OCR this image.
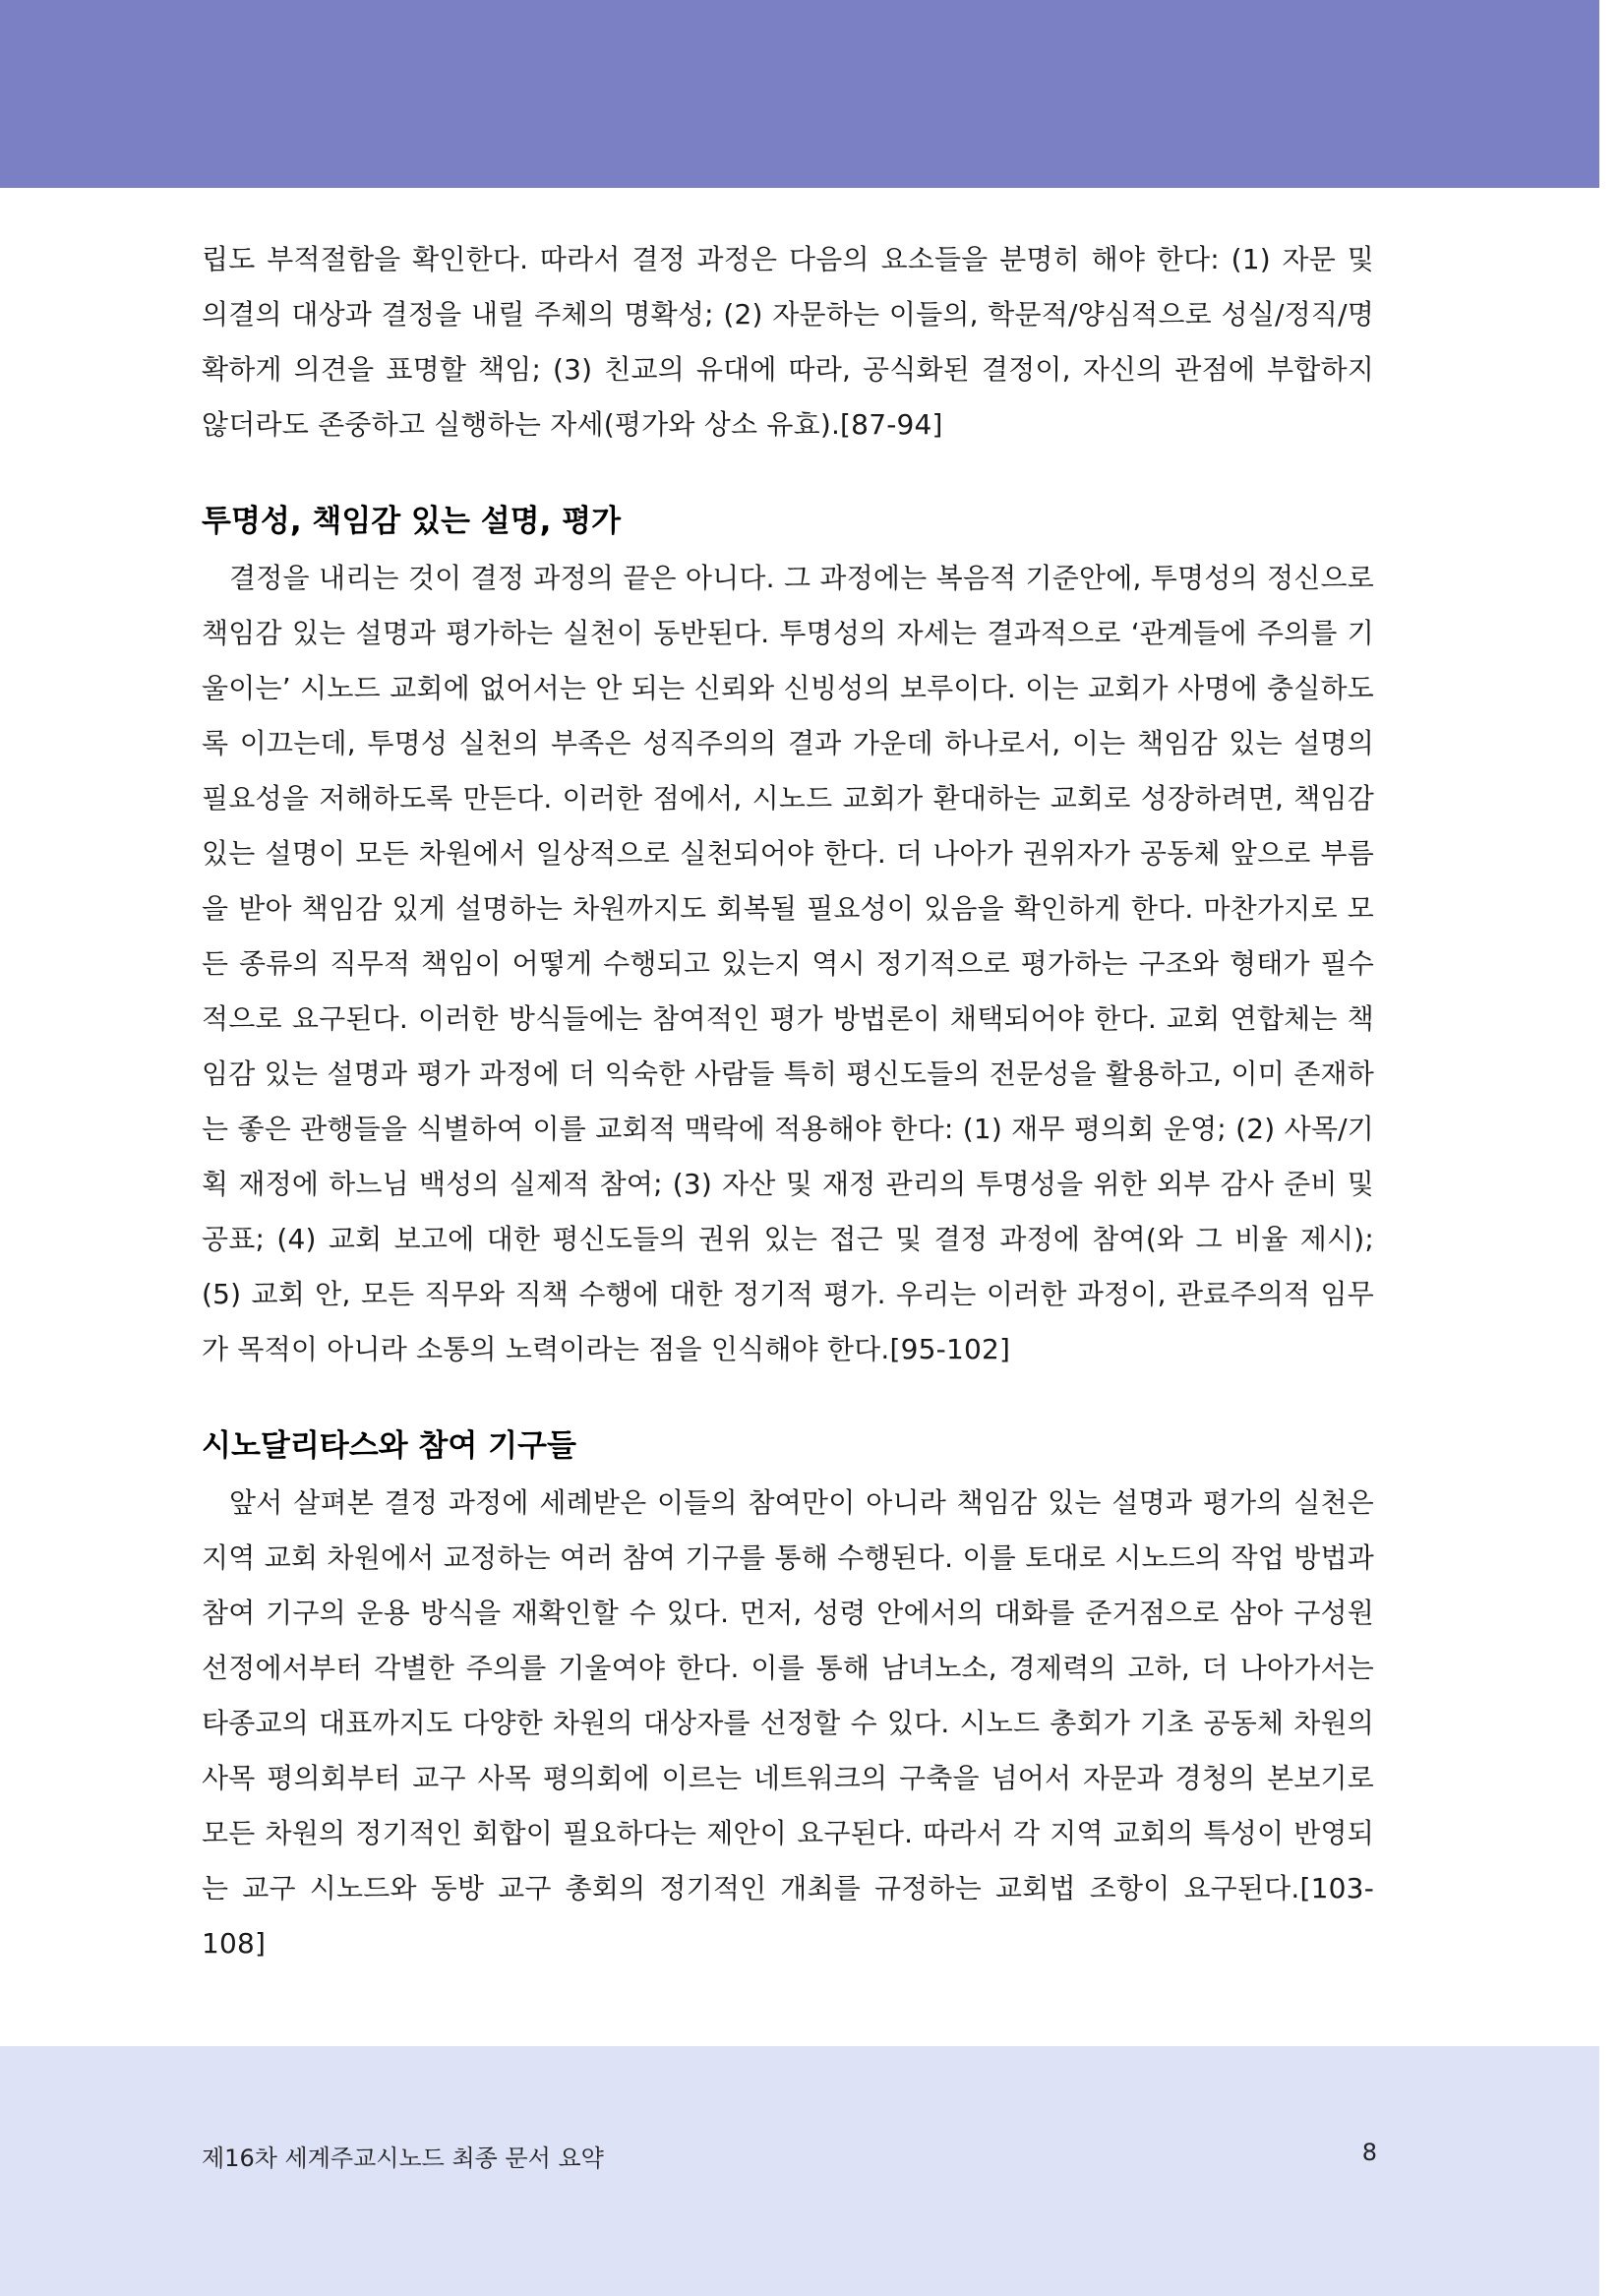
립도 부적절함을 확인한다. 따라서 결정 과정은 다음의 요소들을 분명히 해야 한다: (1) 자문 및 의결의 대상과 결정을 내릴 주체의 명확성; (2) 자문하는 이들의, 학문적/양심적으로 성실/정직/명확하게 의견을 표명할 책임; (3) 친교의 유대에 따라, 공식화된 결정이, 자신의 관점에 부합하지 않더라도 존중하고 실행하는 자세(평가와 상소 유효).[87-94]

투명성, 책임감 있는 설명, 평가

결정을 내리는 것이 결정 과정의 끝은 아니다. 그 과정에는 복음적 기준안에, 투명성의 정신으로 책임감 있는 설명과 평가하는 실천이 동반된다. 투명성의 자세는 결과적으로 ‘관계들에 주의를 기울이는’ 시노드 교회에 없어서는 안 되는 신뢰와 신빙성의 보루이다. 이는 교회가 사명에 충실하도록 이끄는데, 투명성 실천의 부족은 성직주의의 결과 가운데 하나로서, 이는 책임감 있는 설명의 필요성을 저해하도록 만든다. 이러한 점에서, 시노드 교회가 환대하는 교회로 성장하려면, 책임감 있는 설명이 모든 차원에서 일상적으로 실천되어야 한다. 더 나아가 권위자가 공동체 앞으로 부름을 받아 책임감 있게 설명하는 차원까지도 회복될 필요성이 있음을 확인하게 한다. 마찬가지로 모든 종류의 직무적 책임이 어떻게 수행되고 있는지 역시 정기적으로 평가하는 구조와 형태가 필수적으로 요구된다. 이러한 방식들에는 참여적인 평가 방법론이 채택되어야 한다. 교회 연합체는 책임감 있는 설명과 평가 과정에 더 익숙한 사람들 특히 평신도들의 전문성을 활용하고, 이미 존재하는 좋은 관행들을 식별하여 이를 교회적 맥락에 적용해야 한다: (1) 재무 평의회 운영; (2) 사목/기획 재정에 하느님 백성의 실제적 참여; (3) 자산 및 재정 관리의 투명성을 위한 외부 감사 준비 및 공표; (4) 교회 보고에 대한 평신도들의 권위 있는 접근 및 결정 과정에 참여(와 그 비율 제시); (5) 교회 안, 모든 직무와 직책 수행에 대한 정기적 평가. 우리는 이러한 과정이, 관료주의적 임무가 목적이 아니라 소통의 노력이라는 점을 인식해야 한다.[95-102]

시노달리타스와 참여 기구들

앞서 살펴본 결정 과정에 세례받은 이들의 참여만이 아니라 책임감 있는 설명과 평가의 실천은 지역 교회 차원에서 교정하는 여러 참여 기구를 통해 수행된다. 이를 토대로 시노드의 작업 방법과 참여 기구의 운용 방식을 재확인할 수 있다. 먼저, 성령 안에서의 대화를 준거점으로 삼아 구성원 선정에서부터 각별한 주의를 기울여야 한다. 이를 통해 남녀노소, 경제력의 고하, 더 나아가서는 타종교의 대표까지도 다양한 차원의 대상자를 선정할 수 있다. 시노드 총회가 기초 공동체 차원의 사목 평의회부터 교구 사목 평의회에 이르는 네트워크의 구축을 넘어서 자문과 경청의 본보기로 모든 차원의 정기적인 회합이 필요하다는 제안이 요구된다. 따라서 각 지역 교회의 특성이 반영되는 교구 시노드와 동방 교구 총회의 정기적인 개최를 규정하는 교회법 조항이 요구된다.[103-108]

제16차 세계주교시노드 최종 문서 요약	8
